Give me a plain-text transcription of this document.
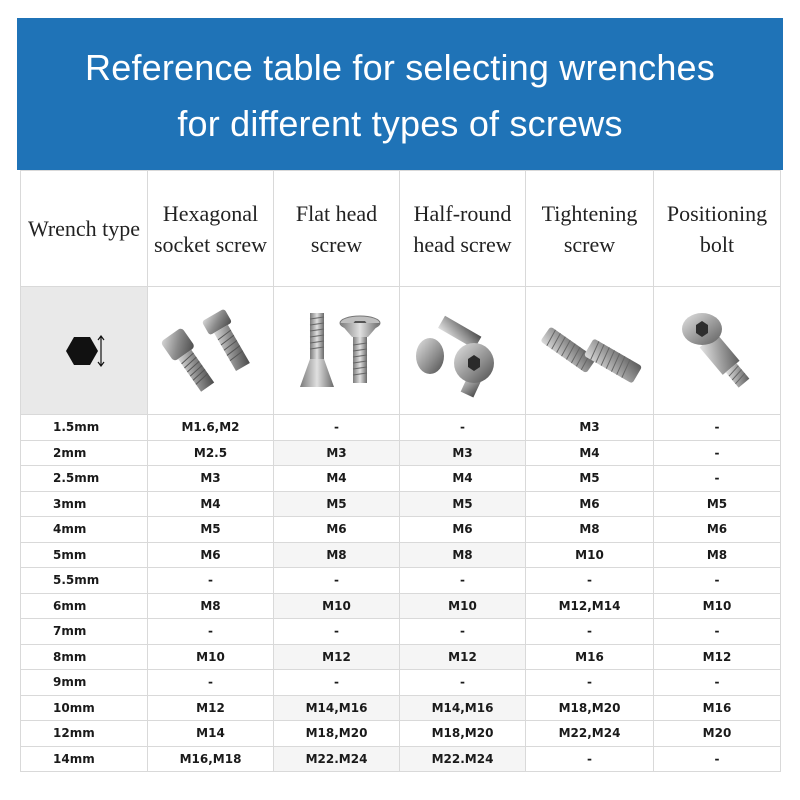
Reference table for selecting wrenches
for different types of screws
Wrench type	Hexagonal socket screw	Flat head screw	Half-round head screw	Tightening screw	Positioning bolt

1.5mm	M1.6,M2	-	-	M3	-
2mm	M2.5	M3	M3	M4	-
2.5mm	M3	M4	M4	M5	-
3mm	M4	M5	M5	M6	M5
4mm	M5	M6	M6	M8	M6
5mm	M6	M8	M8	M10	M8
5.5mm	-	-	-	-	-
6mm	M8	M10	M10	M12,M14	M10
7mm	-	-	-	-	-
8mm	M10	M12	M12	M16	M12
9mm	-	-	-	-	-
10mm	M12	M14,M16	M14,M16	M18,M20	M16
12mm	M14	M18,M20	M18,M20	M22,M24	M20
14mm	M16,M18	M22.M24	M22.M24	-	-
